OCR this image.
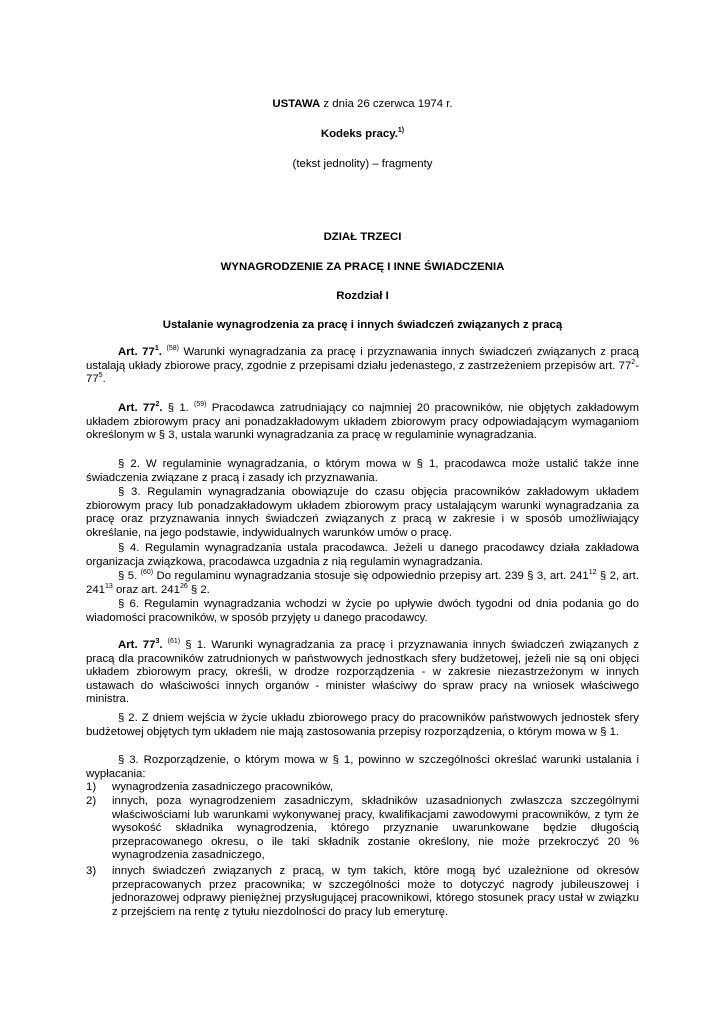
USTAWA z dnia 26 czerwca 1974 r.
Kodeks pracy.$^{1)}$
(tekst jednolity) – fragmenty
DZIAŁ TRZECI
WYNAGRODZENIE ZA PRACĘ I INNE ŚWIADCZENIA
Rozdział I
Ustalanie wynagrodzenia za pracę i innych świadczeń związanych z pracą

Art. $77^1$. $^{(58)}$ Warunki wynagradzania za pracę i przyznawania innych świadczeń związanych z pracą ustalają układy zbiorowe pracy, zgodnie z przepisami działu jedenastego, z zastrzeżeniem przepisów art. $77^2-77^5$.

Art. $77^2$. § 1. $^{(59)}$ Pracodawca zatrudniający co najmniej 20 pracowników, nie objętych zakładowym układem zbiorowym pracy ani ponadzakładowym układem zbiorowym pracy odpowiadającym wymaganiom określonym w § 3, ustala warunki wynagradzania za pracę w regulaminie wynagradzania.

§ 2. W regulaminie wynagradzania, o którym mowa w § 1, pracodawca może ustalić także inne świadczenia związane z pracą i zasady ich przyznawania.

§ 3. Regulamin wynagradzania obowiązuje do czasu objęcia pracowników zakładowym układem zbiorowym pracy lub ponadzakładowym układem zbiorowym pracy ustalającym warunki wynagradzania za pracę oraz przyznawania innych świadczeń związanych z pracą w zakresie i w sposób umożliwiający określanie, na jego podstawie, indywidualnych warunków umów o pracę.

§ 4. Regulamin wynagradzania ustala pracodawca. Jeżeli u danego pracodawcy działa zakładowa organizacja związkowa, pracodawca uzgadnia z nią regulamin wynagradzania.

§ 5. $^{(60)}$ Do regulaminu wynagradzania stosuje się odpowiednio przepisy art. 239 § 3, art. $241^{12}$ § 2, art. $241^{13}$ oraz art. $241^{26}$ § 2.

§ 6. Regulamin wynagradzania wchodzi w życie po upływie dwóch tygodni od dnia podania go do wiadomości pracowników, w sposób przyjęty u danego pracodawcy.

Art. $77^3$. $^{(61)}$ § 1. Warunki wynagradzania za pracę i przyznawania innych świadczeń związanych z pracą dla pracowników zatrudnionych w państwowych jednostkach sfery budżetowej, jeżeli nie są oni objęci układem zbiorowym pracy, określi, w drodze rozporządzenia - w zakresie niezastrzeżonym w innych ustawach do właściwości innych organów - minister właściwy do spraw pracy na wniosek właściwego ministra.

§ 2. Z dniem wejścia w życie układu zbiorowego pracy do pracowników państwowych jednostek sfery budżetowej objętych tym układem nie mają zastosowania przepisy rozporządzenia, o którym mowa w § 1.

§ 3. Rozporządzenie, o którym mowa w § 1, powinno w szczególności określać warunki ustalania i wypłacania:

1)	wynagrodzenia zasadniczego pracowników,
2)	innych, poza wynagrodzeniem zasadniczym, składników uzasadnionych zwłaszcza szczególnymi właściwościami lub warunkami wykonywanej pracy, kwalifikacjami zawodowymi pracowników, z tym że wysokość składnika wynagrodzenia, którego przyznanie uwarunkowane będzie długością przepracowanego okresu, o ile taki składnik zostanie określony, nie może przekroczyć 20 % wynagrodzenia zasadniczego,
3)	innych świadczeń związanych z pracą, w tym takich, które mogą być uzależnione od okresów przepracowanych przez pracownika; w szczególności może to dotyczyć nagrody jubileuszowej i jednorazowej odprawy pieniężnej przysługującej pracownikowi, którego stosunek pracy ustał w związku z przejściem na rentę z tytułu niezdolności do pracy lub emeryturę.
